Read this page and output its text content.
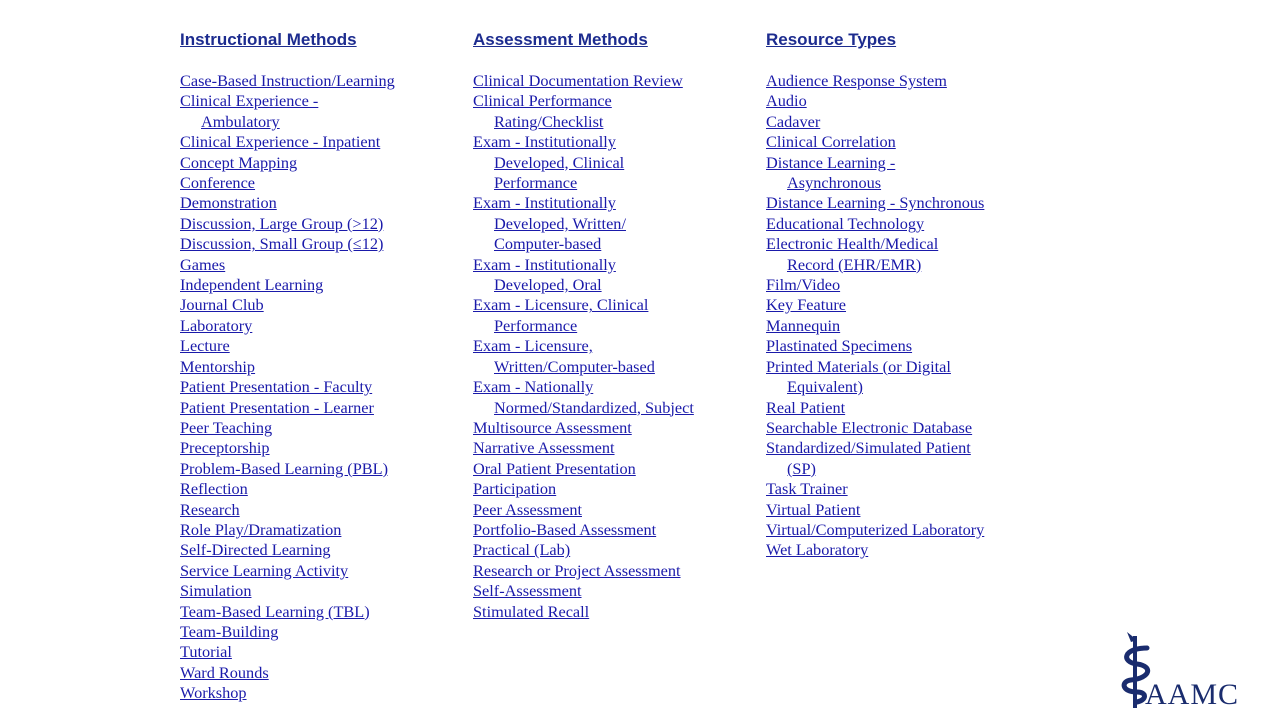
Instructional Methods
Case-Based Instruction/Learning
Clinical Experience -
Ambulatory
Clinical Experience - Inpatient
Concept Mapping
Conference
Demonstration
Discussion, Large Group (>12)
Discussion, Small Group (≤12)
Games
Independent Learning
Journal Club
Laboratory
Lecture
Mentorship
Patient Presentation - Faculty
Patient Presentation - Learner
Peer Teaching
Preceptorship
Problem-Based Learning (PBL)
Reflection
Research
Role Play/Dramatization
Self-Directed Learning
Service Learning Activity
Simulation
Team-Based Learning (TBL)
Team-Building
Tutorial
Ward Rounds
Workshop
Assessment Methods
Clinical Documentation Review
Clinical Performance
Rating/Checklist
Exam - Institutionally
Developed, Clinical
Performance
Exam - Institutionally
Developed, Written/
Computer-based
Exam - Institutionally
Developed, Oral
Exam - Licensure, Clinical
Performance
Exam - Licensure,
Written/Computer-based
Exam - Nationally
Normed/Standardized, Subject
Multisource Assessment
Narrative Assessment
Oral Patient Presentation
Participation
Peer Assessment
Portfolio-Based Assessment
Practical (Lab)
Research or Project Assessment
Self-Assessment
Stimulated Recall
Resource Types
Audience Response System
Audio
Cadaver
Clinical Correlation
Distance Learning -
Asynchronous
Distance Learning - Synchronous
Educational Technology
Electronic Health/Medical
Record (EHR/EMR)
Film/Video
Key Feature
Mannequin
Plastinated Specimens
Printed Materials (or Digital
Equivalent)
Real Patient
Searchable Electronic Database
Standardized/Simulated Patient
(SP)
Task Trainer
Virtual Patient
Virtual/Computerized Laboratory
Wet Laboratory
AAMC
